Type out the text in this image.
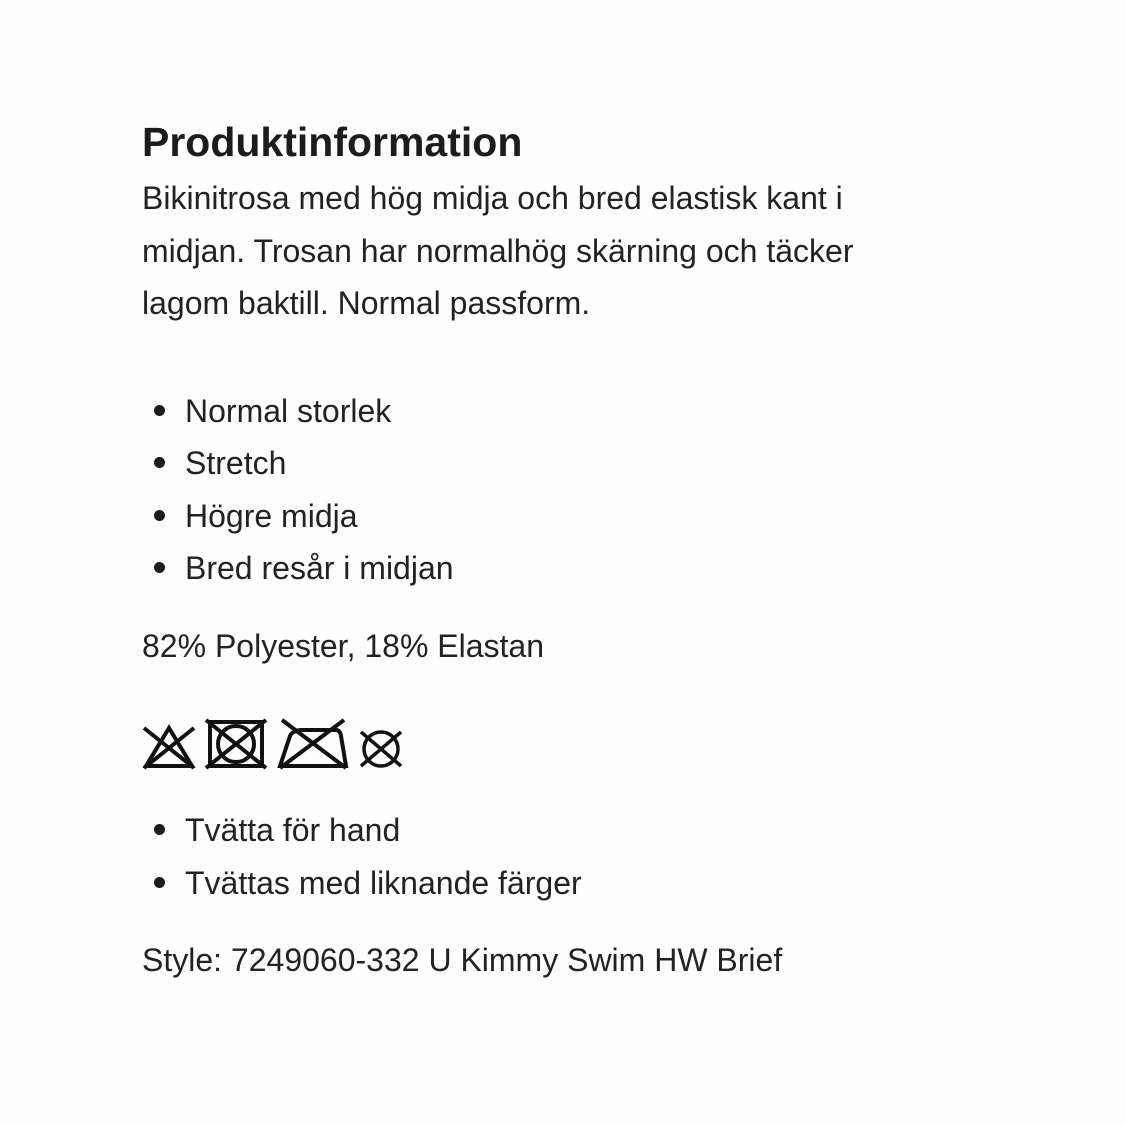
Produktinformation

Bikinitrosa med hög midja och bred elastisk kant i midjan. Trosan har normalhög skärning och täcker lagom baktill. Normal passform.

Normal storlek
Stretch
Högre midja
Bred resår i midjan

82% Polyester, 18% Elastan

Tvätta för hand
Tvättas med liknande färger

Style: 7249060-332 U Kimmy Swim HW Brief
